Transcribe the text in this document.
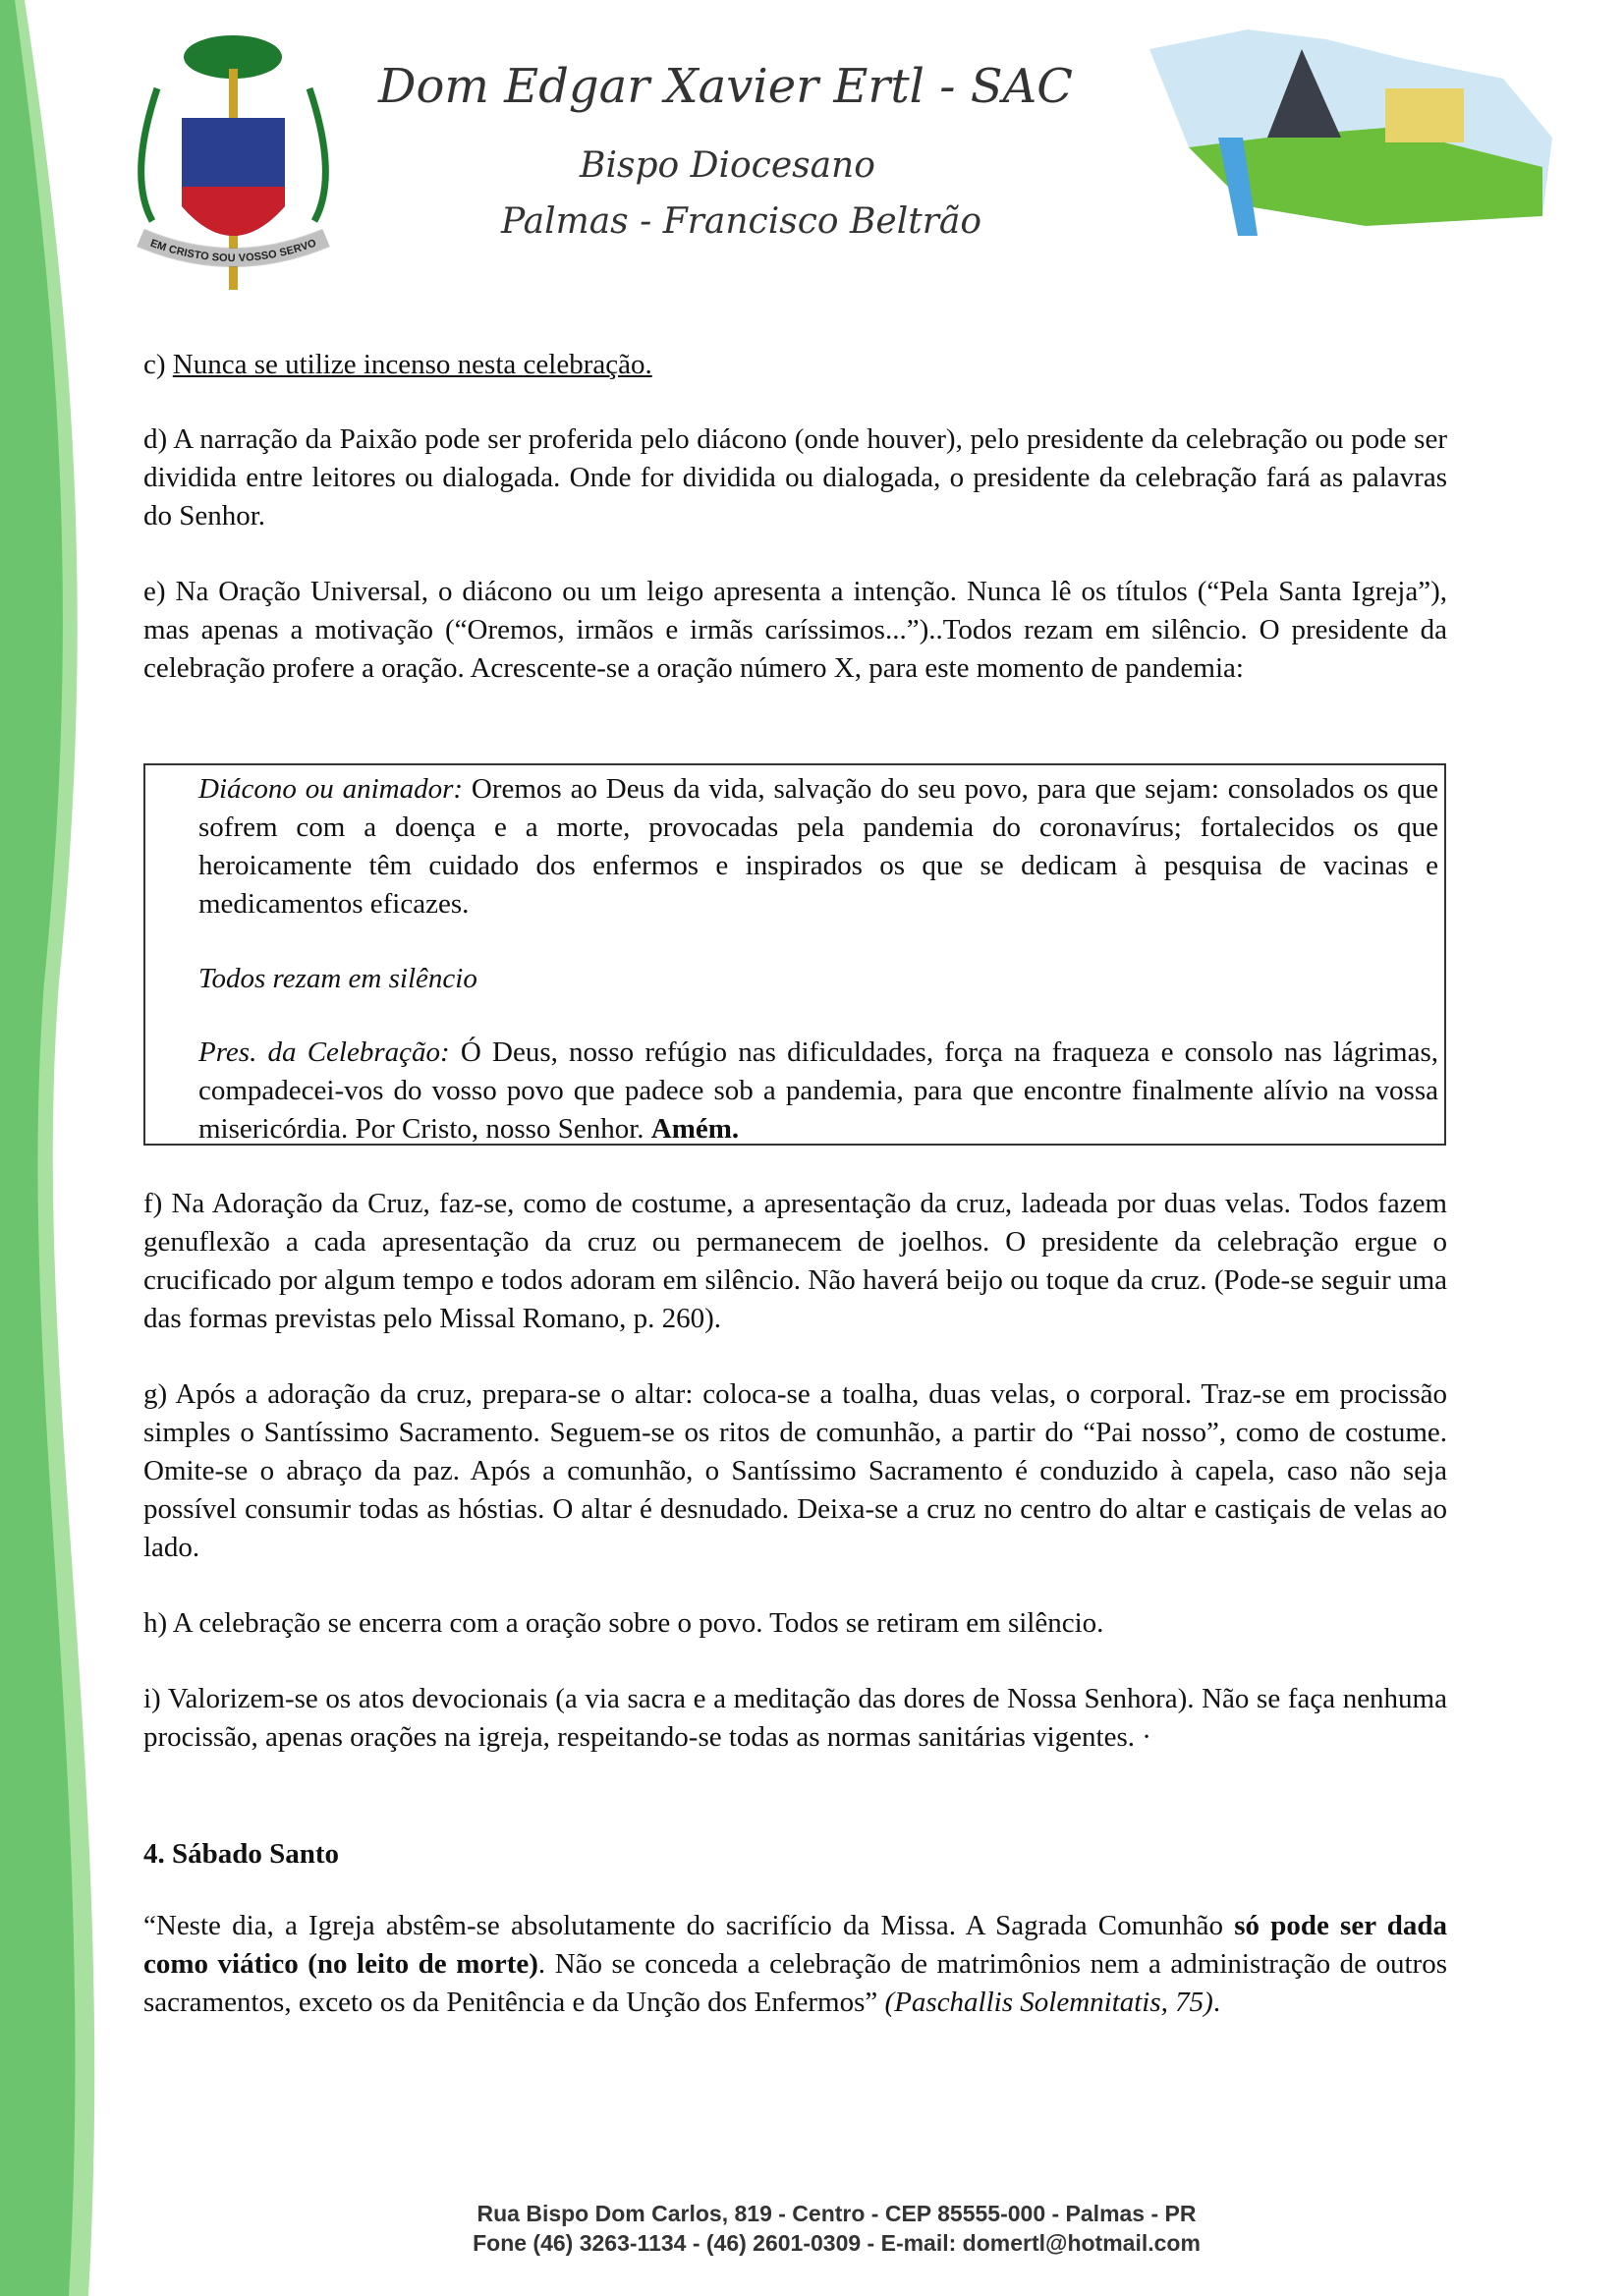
EM CRISTO SOU VOSSO SERVO
Dom Edgar Xavier Ertl - SAC
Bispo Diocesano
Palmas - Francisco Beltrão
c) Nunca se utilize incenso nesta celebração.
d) A narração da Paixão pode ser proferida pelo diácono (onde houver), pelo presidente da celebração ou pode ser dividida entre leitores ou dialogada. Onde for dividida ou dialogada, o presidente da celebração fará as palavras do Senhor.
e) Na Oração Universal, o diácono ou um leigo apresenta a intenção. Nunca lê os títulos (“Pela Santa Igreja”), mas apenas a motivação (“Oremos, irmãos e irmãs caríssimos...”)..Todos rezam em silêncio. O presidente da celebração profere a oração. Acrescente-se a oração número X, para este momento de pandemia:
Diácono ou animador: Oremos ao Deus da vida, salvação do seu povo, para que sejam: consolados os que sofrem com a doença e a morte, provocadas pela pandemia do coronavírus; fortalecidos os que heroicamente têm cuidado dos enfermos e inspirados os que se dedicam à pesquisa de vacinas e medicamentos eficazes.
Todos rezam em silêncio
Pres. da Celebração: Ó Deus, nosso refúgio nas dificuldades, força na fraqueza e consolo nas lágrimas, compadecei-vos do vosso povo que padece sob a pandemia, para que encontre finalmente alívio na vossa misericórdia. Por Cristo, nosso Senhor. Amém.
f) Na Adoração da Cruz, faz-se, como de costume, a apresentação da cruz, ladeada por duas velas. Todos fazem genuflexão a cada apresentação da cruz ou permanecem de joelhos. O presidente da celebração ergue o crucificado por algum tempo e todos adoram em silêncio. Não haverá beijo ou toque da cruz. (Pode-se seguir uma das formas previstas pelo Missal Romano, p. 260).
g) Após a adoração da cruz, prepara-se o altar: coloca-se a toalha, duas velas, o corporal. Traz-se em procissão simples o Santíssimo Sacramento. Seguem-se os ritos de comunhão, a partir do “Pai nosso”, como de costume. Omite-se o abraço da paz. Após a comunhão, o Santíssimo Sacramento é conduzido à capela, caso não seja possível consumir todas as hóstias. O altar é desnudado. Deixa-se a cruz no centro do altar e castiçais de velas ao lado.
h) A celebração se encerra com a oração sobre o povo. Todos se retiram em silêncio.
i) Valorizem-se os atos devocionais (a via sacra e a meditação das dores de Nossa Senhora). Não se faça nenhuma procissão, apenas orações na igreja, respeitando-se todas as normas sanitárias vigentes. ·
4. Sábado Santo
“Neste dia, a Igreja abstêm-se absolutamente do sacrifício da Missa. A Sagrada Comunhão só pode ser dada como viático (no leito de morte). Não se conceda a celebração de matrimônios nem a administração de outros sacramentos, exceto os da Penitência e da Unção dos Enfermos” (Paschallis Solemnitatis, 75).
Rua Bispo Dom Carlos, 819 - Centro - CEP 85555-000 - Palmas - PR
Fone (46) 3263-1134 - (46) 2601-0309 - E-mail: domertl@hotmail.com
